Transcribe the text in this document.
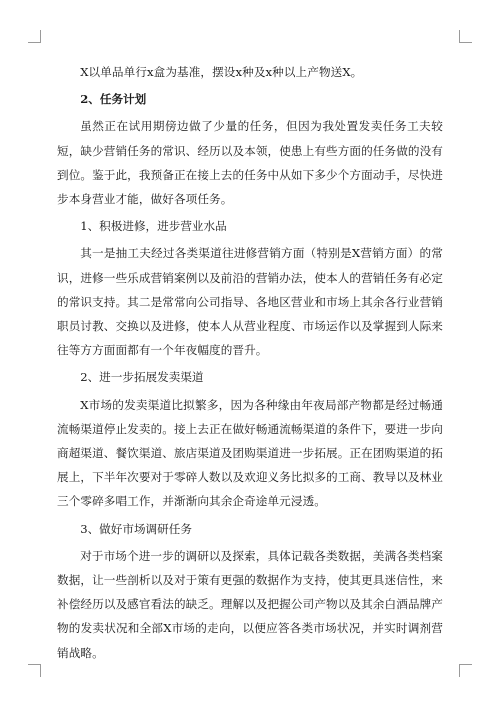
X以单品单行x盒为基准，摆设x种及x种以上产物送X。

2、任务计划

虽然正在试用期傍边做了少量的任务，但因为我处置发卖任务工夫较短，缺少营销任务的常识、经历以及本领，使患上有些方面的任务做的没有到位。鉴于此，我预备正在接上去的任务中从如下多少个方面动手，尽快进步本身营业才能，做好各项任务。

1、积极进修，进步营业水品

其一是抽工夫经过各类渠道往进修营销方面（特别是X营销方面）的常识，进修一些乐成营销案例以及前沿的营销办法，使本人的营销任务有必定的常识支持。其二是常常向公司指导、各地区营业和市场上其余各行业营销职员讨教、交换以及进修，使本人从营业程度、市场运作以及掌握到人际来往等方方面面都有一个年夜幅度的晋升。

2、进一步拓展发卖渠道

X市场的发卖渠道比拟繁多，因为各种缘由年夜局部产物都是经过畅通流畅渠道停止发卖的。接上去正在做好畅通流畅渠道的条件下，要进一步向商超渠道、餐饮渠道、旅店渠道及团购渠道进一步拓展。正在团购渠道的拓展上，下半年次要对于零碎人数以及欢迎义务比拟多的工商、教导以及林业三个零碎多唱工作，并渐渐向其余企奇途单元浸透。

3、做好市场调研任务

对于市场个进一步的调研以及探索，具体记载各类数据，美满各类档案数据，让一些剖析以及对于策有更强的数据作为支持，使其更具迷信性，来补偿经历以及感官看法的缺乏。理解以及把握公司产物以及其余白酒品牌产物的发卖状况和全部X市场的走向，以便应答各类市场状况，并实时调剂营销战略。
